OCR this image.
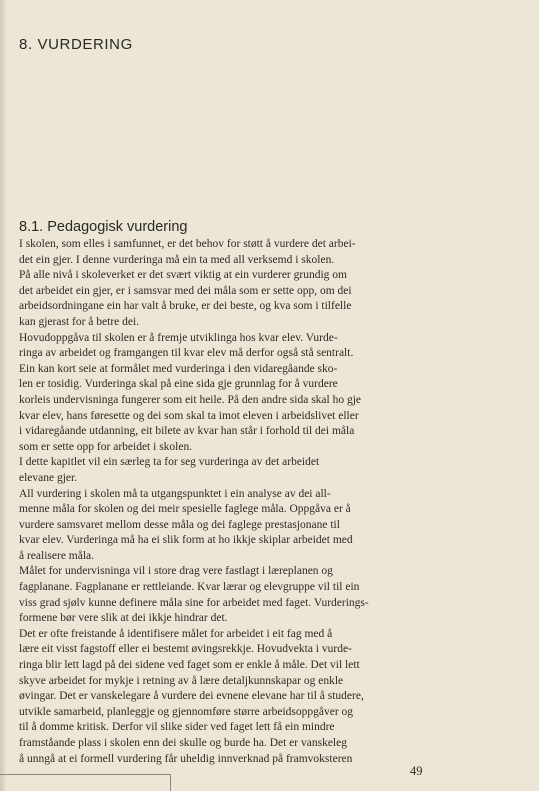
8. VURDERING
8.1. Pedagogisk vurdering
I skolen, som elles i samfunnet, er det behov for støtt å vurdere det arbei-
det ein gjer. I denne vurderinga må ein ta med all verksemd i skolen.
På alle nivå i skoleverket er det svært viktig at ein vurderer grundig om
det arbeidet ein gjer, er i samsvar med dei måla som er sette opp, om dei
arbeidsordningane ein har valt å bruke, er dei beste, og kva som i tilfelle
kan gjerast for å betre dei.
Hovudoppgåva til skolen er å fremje utviklinga hos kvar elev. Vurde-
ringa av arbeidet og framgangen til kvar elev må derfor også stå sentralt.
Ein kan kort seie at formålet med vurderinga i den vidaregåande sko-
len er tosidig. Vurderinga skal på eine sida gje grunnlag for å vurdere
korleis undervisninga fungerer som eit heile. På den andre sida skal ho gje
kvar elev, hans føresette og dei som skal ta imot eleven i arbeidslivet eller
i vidaregåande utdanning, eit bilete av kvar han står i forhold til dei måla
som er sette opp for arbeidet i skolen.
I dette kapitlet vil ein særleg ta for seg vurderinga av det arbeidet
elevane gjer.
All vurdering i skolen må ta utgangspunktet i ein analyse av dei all-
menne måla for skolen og dei meir spesielle faglege måla. Oppgåva er å
vurdere samsvaret mellom desse måla og dei faglege prestasjonane til
kvar elev. Vurderinga må ha ei slik form at ho ikkje skiplar arbeidet med
å realisere måla.
Målet for undervisninga vil i store drag vere fastlagt i læreplanen og
fagplanane. Fagplanane er rettleiande. Kvar lærar og elevgruppe vil til ein
viss grad sjølv kunne definere måla sine for arbeidet med faget. Vurderings-
formene bør vere slik at dei ikkje hindrar det.
Det er ofte freistande å identifisere målet for arbeidet i eit fag med å
lære eit visst fagstoff eller ei bestemt øvingsrekkje. Hovudvekta i vurde-
ringa blir lett lagd på dei sidene ved faget som er enkle å måle. Det vil lett
skyve arbeidet for mykje i retning av å lære detaljkunnskapar og enkle
øvingar. Det er vanskelegare å vurdere dei evnene elevane har til å studere,
utvikle samarbeid, planleggje og gjennomføre større arbeidsoppgåver og
til å domme kritisk. Derfor vil slike sider ved faget lett få ein mindre
framståande plass i skolen enn dei skulle og burde ha. Det er vanskeleg
å unngå at ei formell vurdering får uheldig innverknad på framvoksteren
49
